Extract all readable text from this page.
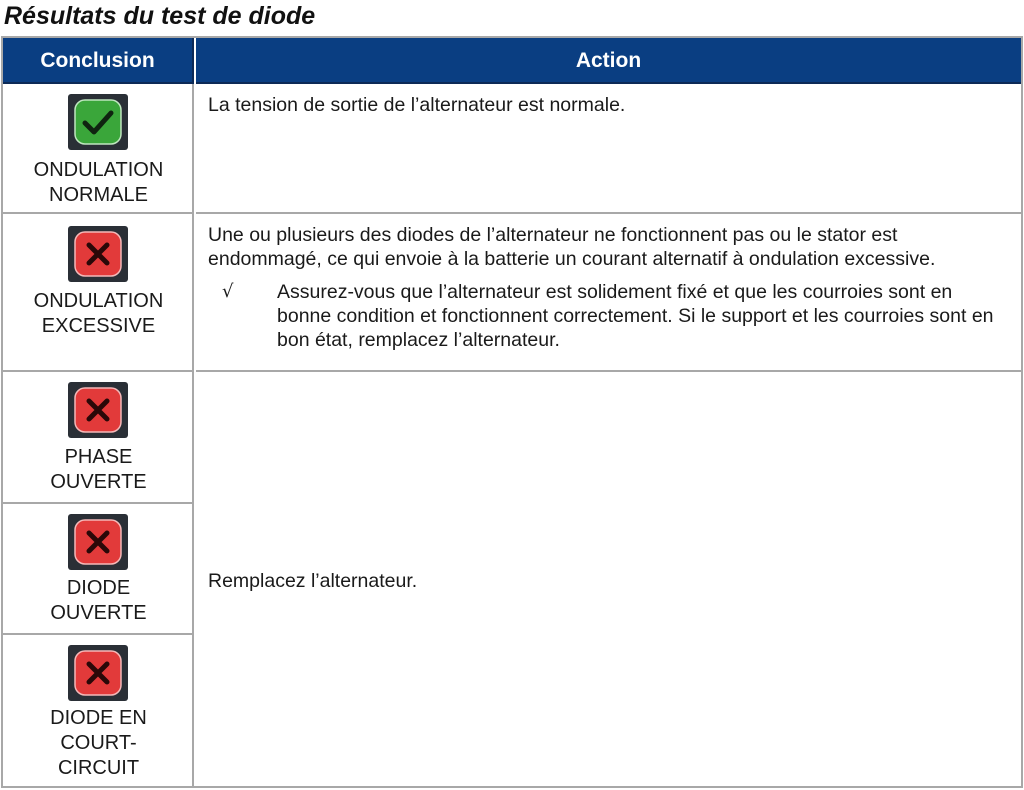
Résultats du test de diode
Conclusion	Action
ONDULATION
NORMALE

La tension de sortie de l’alternateur est normale.

ONDULATION
EXCESSIVE

Une ou plusieurs des diodes de l’alternateur ne fonctionnent pas ou le stator est endommagé, ce qui envoie à la batterie un courant alternatif à ondulation excessive.

√ Assurez-vous que l’alternateur est solidement fixé et que les courroies sont en bonne condition et fonctionnent correctement. Si le support et les courroies sont en bon état, remplacez l’alternateur.
PHASE
OUVERTE
DIODE
OUVERTE
DIODE EN
COURT-
CIRCUIT

Remplacez l’alternateur.
